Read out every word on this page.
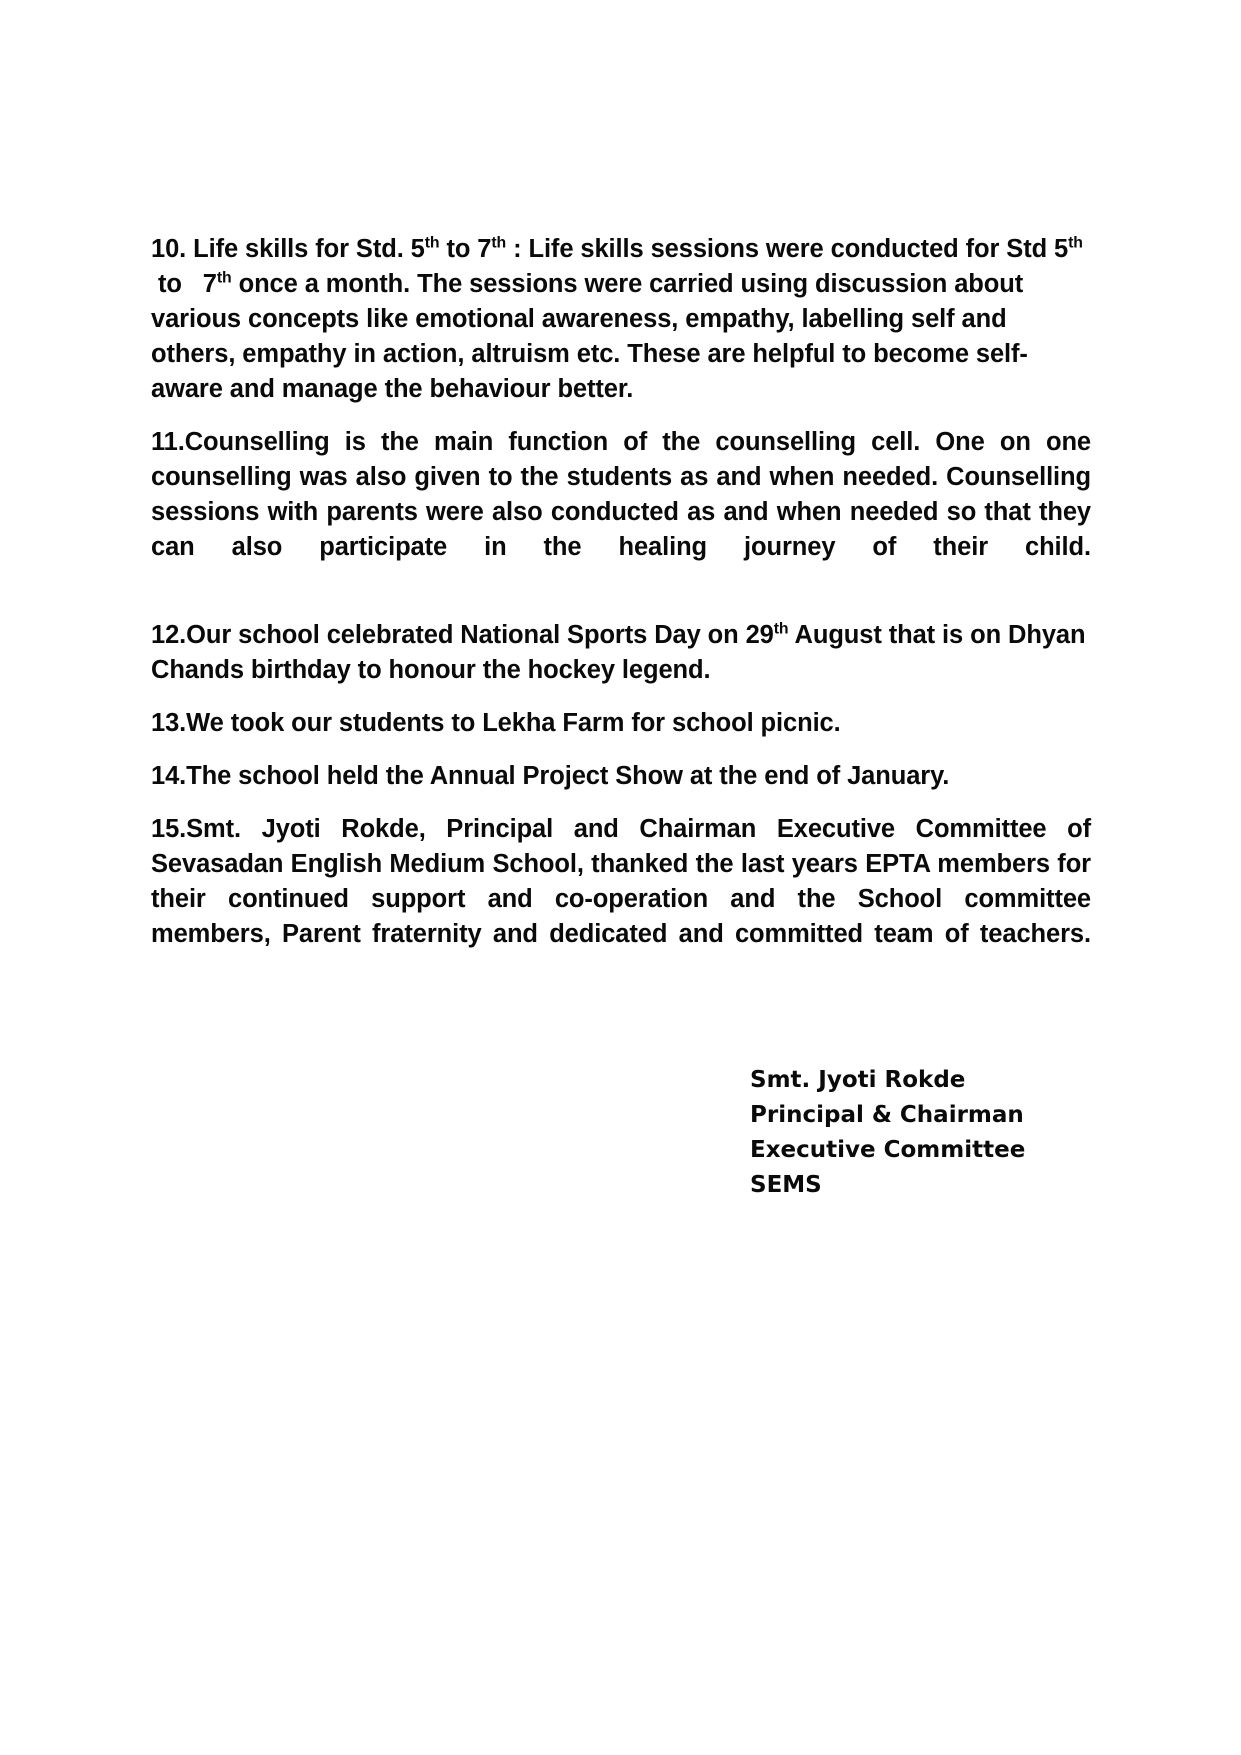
10. Life skills for Std. 5th to 7th : Life skills sessions were conducted for Std 5th to   7th once a month. The sessions were carried using discussion about various concepts like emotional awareness, empathy, labelling self and others, empathy in action, altruism etc. These are helpful to become self-aware and manage the behaviour better.

11.Counselling is the main function of the counselling cell. One on one counselling was also given to the students as and when needed. Counselling sessions with parents were also conducted as and when needed so that they can also participate in the healing journey of their child.

12.Our school celebrated National Sports Day on 29th August that is on Dhyan Chands birthday to honour the hockey legend.

13.We took our students to Lekha Farm for school picnic.

14.The school held the Annual Project Show at the end of January.

15.Smt. Jyoti Rokde, Principal and Chairman Executive Committee of Sevasadan English Medium School, thanked the last years EPTA members for their continued support and co-operation and the School committee members, Parent fraternity and dedicated and committed team of teachers.

Smt. Jyoti Rokde
Principal & Chairman
Executive Committee
SEMS
